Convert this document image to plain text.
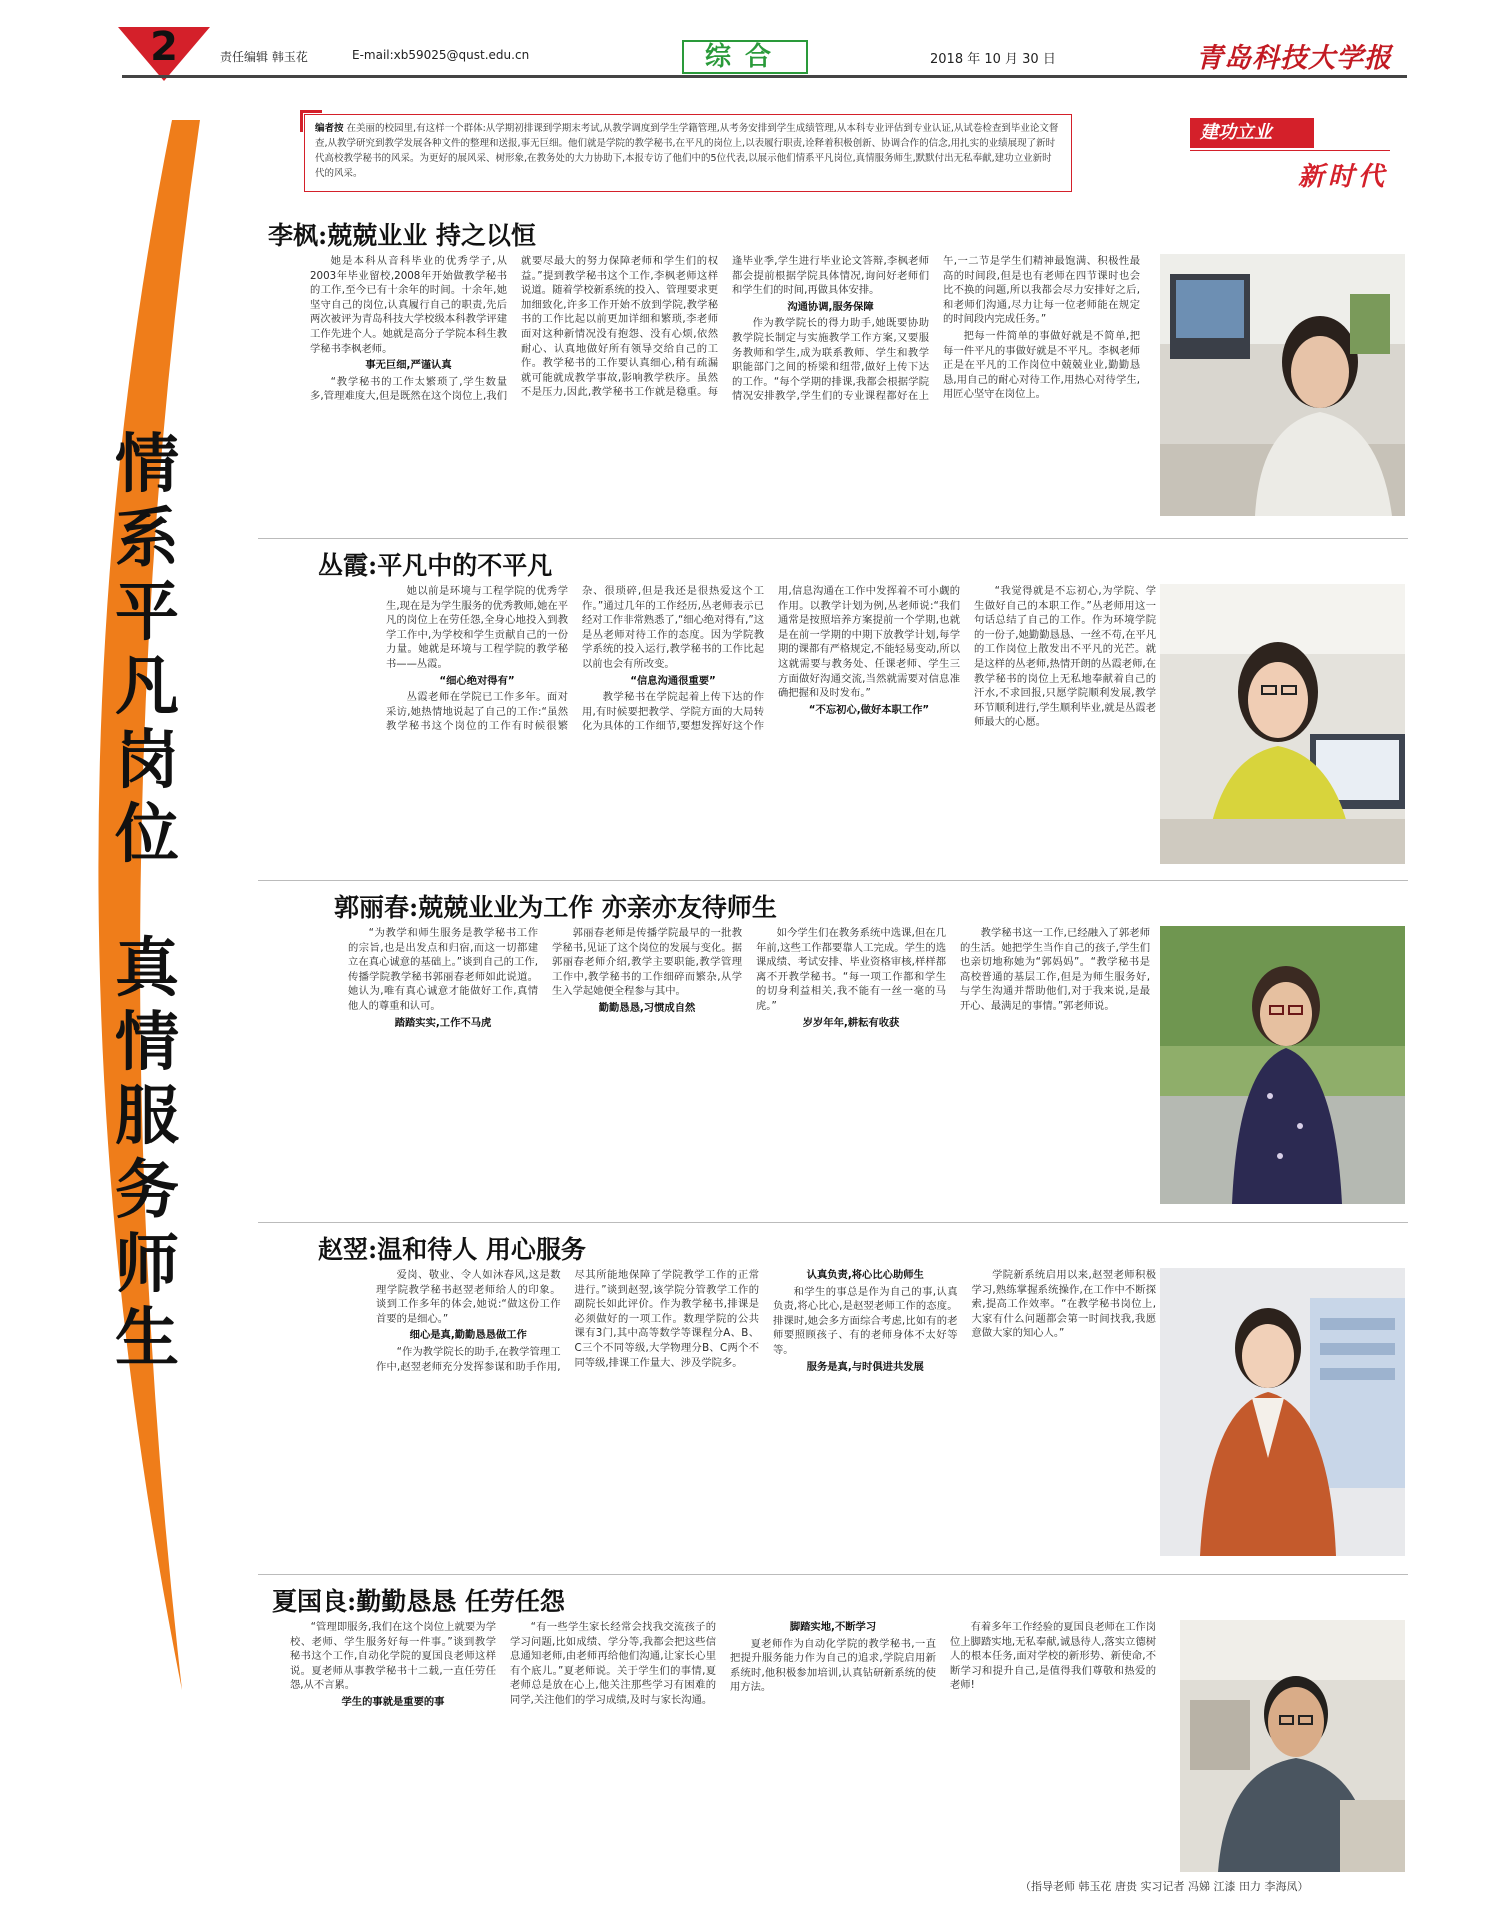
2	责任编辑 韩玉花	E-mail:xb59025@qust.edu.cn	综合	2018 年 10 月 30 日	青岛科技大学报
编者按 在美丽的校园里,有这样一个群体:从学期初排课到学期末考试,从教学调度到学生学籍管理,从考务安排到学生成绩管理,从本科专业评估到专业认证,从试卷检查到毕业论文督查,从教学研究到教学发展各种文件的整理和送报,事无巨细。他们就是学院的教学秘书,在平凡的岗位上,以表履行职责,诠释着积极创新、协调合作的信念,用扎实的业绩展现了新时代高校教学秘书的风采。为更好的展风采、树形象,在教务处的大力协助下,本报专访了他们中的5位代表,以展示他们情系平凡岗位,真情服务师生,默默付出无私奉献,建功立业新时代的风采。
建功立业
新时代
情
系
平
凡
岗
位
真
情
服
务
师
生
李枫:兢兢业业 持之以恒

她是本科从音科毕业的优秀学子,从2003年毕业留校,2008年开始做教学秘书的工作,至今已有十余年的时间。十余年,她坚守自己的岗位,认真履行自己的职责,先后两次被评为青岛科技大学校级本科教学评建工作先进个人。她就是高分子学院本科生教学秘书李枫老师。

事无巨细,严谨认真

“教学秘书的工作太繁琐了,学生数量多,管理难度大,但是既然在这个岗位上,我们就要尽最大的努力保障老师和学生们的权益。”提到教学秘书这个工作,李枫老师这样说道。随着学校新系统的投入、管理要求更加细致化,许多工作开始不放到学院,教学秘书的工作比起以前更加详细和繁琐,李老师面对这种新情况没有抱怨、没有心烦,依然耐心、认真地做好所有领导交给自己的工作。教学秘书的工作要认真细心,稍有疏漏就可能就成教学事故,影响教学秩序。虽然不是压力,因此,教学秘书工作就是稳重。每逢毕业季,学生进行毕业论文答辩,李枫老师都会提前根据学院具体情况,询问好老师们和学生们的时间,再做具体安排。

沟通协调,服务保障

作为教学院长的得力助手,她既要协助教学院长制定与实施教学工作方案,又要服务教师和学生,成为联系教师、学生和教学职能部门之间的桥梁和纽带,做好上传下达的工作。“每个学期的排课,我都会根据学院情况安排教学,学生们的专业课程都好在上午,一二节是学生们精神最饱满、积极性最高的时间段,但是也有老师在四节课时也会比不换的问题,所以我都会尽力安排好之后,和老师们沟通,尽力让每一位老师能在规定的时间段内完成任务。”

把每一件简单的事做好就是不简单,把每一件平凡的事做好就是不平凡。李枫老师正是在平凡的工作岗位中兢兢业业,勤勤恳恳,用自己的耐心对待工作,用热心对待学生,用匠心坚守在岗位上。

丛霞:平凡中的不平凡

她以前是环境与工程学院的优秀学生,现在是为学生服务的优秀教师,她在平凡的岗位上在劳任怨,全身心地投入到教学工作中,为学校和学生贡献自己的一份力量。她就是环境与工程学院的教学秘书——丛霞。

“细心绝对得有”

丛霞老师在学院已工作多年。面对采访,她热情地说起了自己的工作:“虽然教学秘书这个岗位的工作有时候很繁杂、很琐碎,但是我还是很热爱这个工作。”通过几年的工作经历,丛老师表示已经对工作非常熟悉了,“细心绝对得有,”这是丛老师对待工作的态度。因为学院教学系统的投入运行,教学秘书的工作比起以前也会有所改变。

“信息沟通很重要”

教学秘书在学院起着上传下达的作用,有时候要把教学、学院方面的大局转化为具体的工作细节,要想发挥好这个作用,信息沟通在工作中发挥着不可小觑的作用。以教学计划为例,丛老师说:“我们通常是按照培养方案提前一个学期,也就是在前一学期的中期下放教学计划,每学期的课都有严格规定,不能轻易变动,所以这就需要与教务处、任课老师、学生三方面做好沟通交流,当然就需要对信息准确把握和及时发布。”

“不忘初心,做好本职工作”

“我觉得就是不忘初心,为学院、学生做好自己的本职工作。”丛老师用这一句话总结了自己的工作。作为环境学院的一份子,她勤勤恳恳、一丝不苟,在平凡的工作岗位上散发出不平凡的光芒。就是这样的丛老师,热情开朗的丛霞老师,在教学秘书的岗位上无私地奉献着自己的汗水,不求回报,只愿学院顺利发展,教学环节顺利进行,学生顺利毕业,就是丛霞老师最大的心愿。

郭丽春:兢兢业业为工作 亦亲亦友待师生

“为教学和师生服务是教学秘书工作的宗旨,也是出发点和归宿,而这一切都建立在真心诚意的基础上。”谈到自己的工作,传播学院教学秘书郭丽春老师如此说道。她认为,唯有真心诚意才能做好工作,真情他人的尊重和认可。

踏踏实实,工作不马虎

郭丽春老师是传播学院最早的一批教学秘书,见证了这个岗位的发展与变化。据郭丽春老师介绍,教学主要职能,教学管理工作中,教学秘书的工作细碎而繁杂,从学生入学起她便全程参与其中。

勤勤恳恳,习惯成自然

如今学生们在教务系统中选课,但在几年前,这些工作都要靠人工完成。学生的选课成绩、考试安排、毕业资格审核,样样都离不开教学秘书。“每一项工作都和学生的切身利益相关,我不能有一丝一毫的马虎。”

岁岁年年,耕耘有收获

教学秘书这一工作,已经融入了郭老师的生活。她把学生当作自己的孩子,学生们也亲切地称她为“郭妈妈”。“教学秘书是高校普通的基层工作,但是为师生服务好,与学生沟通并帮助他们,对于我来说,是最开心、最满足的事情。”郭老师说。

赵翌:温和待人 用心服务

爱岗、敬业、令人如沐春风,这是数理学院教学秘书赵翌老师给人的印象。谈到工作多年的体会,她说:“做这份工作首要的是细心。”

细心是真,勤勤恳恳做工作

“作为教学院长的助手,在教学管理工作中,赵翌老师充分发挥参谋和助手作用,尽其所能地保障了学院教学工作的正常进行。”谈到赵翌,该学院分管教学工作的副院长如此评价。作为教学秘书,排课是必须做好的一项工作。数理学院的公共课有3门,其中高等数学等课程分A、B、C三个不同等级,大学物理分B、C两个不同等级,排课工作量大、涉及学院多。

认真负责,将心比心助师生

和学生的事总是作为自己的事,认真负责,将心比心,是赵翌老师工作的态度。排课时,她会多方面综合考虑,比如有的老师要照顾孩子、有的老师身体不太好等等。

服务是真,与时俱进共发展

学院新系统启用以来,赵翌老师积极学习,熟练掌握系统操作,在工作中不断探索,提高工作效率。“在教学秘书岗位上,大家有什么问题都会第一时间找我,我愿意做大家的知心人。”

夏国良:勤勤恳恳 任劳任怨

“管理即服务,我们在这个岗位上就要为学校、老师、学生服务好每一件事。”谈到教学秘书这个工作,自动化学院的夏国良老师这样说。夏老师从事教学秘书十二载,一直任劳任怨,从不言累。

学生的事就是重要的事

“有一些学生家长经常会找我交流孩子的学习问题,比如成绩、学分等,我都会把这些信息通知老师,由老师再给他们沟通,让家长心里有个底儿。”夏老师说。关于学生们的事情,夏老师总是放在心上,他关注那些学习有困难的同学,关注他们的学习成绩,及时与家长沟通。

脚踏实地,不断学习

夏老师作为自动化学院的教学秘书,一直把提升服务能力作为自己的追求,学院启用新系统时,他积极参加培训,认真钻研新系统的使用方法。

有着多年工作经验的夏国良老师在工作岗位上脚踏实地,无私奉献,诚恳待人,落实立德树人的根本任务,面对学校的新形势、新使命,不断学习和提升自己,是值得我们尊敬和热爱的老师!

（指导老师 韩玉花 唐贵 实习记者 冯娣 江漆 田力 李海凤）
